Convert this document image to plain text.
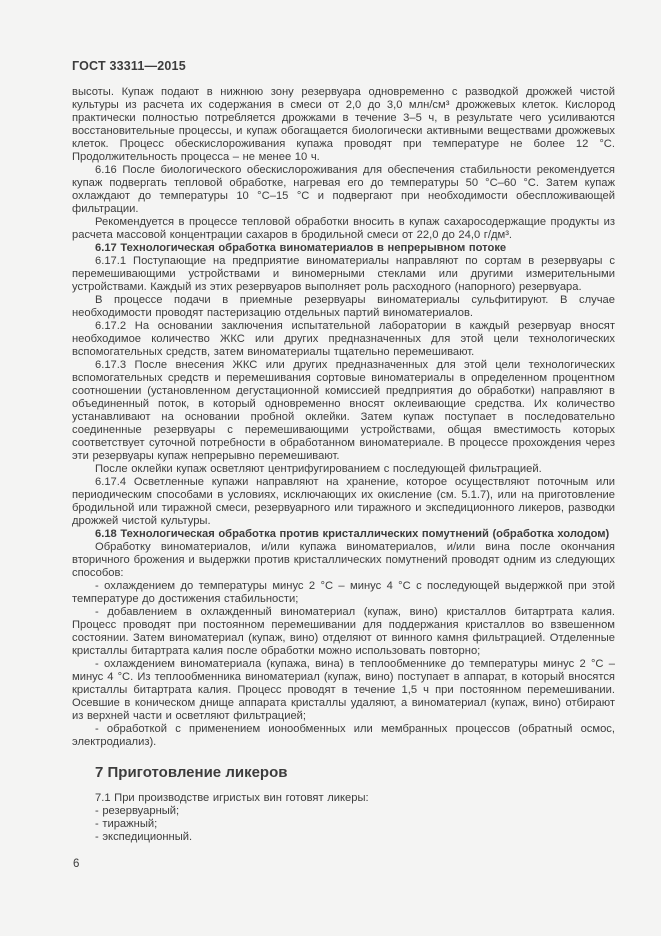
ГОСТ 33311—2015

высоты. Купаж подают в нижнюю зону резервуара одновременно с разводкой дрожжей чистой культуры из расчета их содержания в смеси от 2,0 до 3,0 млн/см³ дрожжевых клеток. Кислород практически полностью потребляется дрожжами в течение 3–5 ч, в результате чего усиливаются восстановительные процессы, и купаж обогащается биологически активными веществами дрожжевых клеток. Процесс обескислороживания купажа проводят при температуре не более 12 °С. Продолжительность процесса – не менее 10 ч.

6.16 После биологического обескислороживания для обеспечения стабильности рекомендуется купаж подвергать тепловой обработке, нагревая его до температуры 50 °С–60 °С. Затем купаж охлаждают до температуры 10 °С–15 °С и подвергают при необходимости обеспложивающей фильтрации.

Рекомендуется в процессе тепловой обработки вносить в купаж сахаросодержащие продукты из расчета массовой концентрации сахаров в бродильной смеси от 22,0 до 24,0 г/дм³.

6.17 Технологическая обработка виноматериалов в непрерывном потоке

6.17.1 Поступающие на предприятие виноматериалы направляют по сортам в резервуары с перемешивающими устройствами и виномерными стеклами или другими измерительными устройствами. Каждый из этих резервуаров выполняет роль расходного (напорного) резервуара.

В процессе подачи в приемные резервуары виноматериалы сульфитируют. В случае необходимости проводят пастеризацию отдельных партий виноматериалов.

6.17.2 На основании заключения испытательной лаборатории в каждый резервуар вносят необходимое количество ЖКС или других предназначенных для этой цели технологических вспомогательных средств, затем виноматериалы тщательно перемешивают.

6.17.3 После внесения ЖКС или других предназначенных для этой цели технологических вспомогательных средств и перемешивания сортовые виноматериалы в определенном процентном соотношении (установленном дегустационной комиссией предприятия до обработки) направляют в объединенный поток, в который одновременно вносят оклеивающие средства. Их количество устанавливают на основании пробной оклейки. Затем купаж поступает в последовательно соединенные резервуары с перемешивающими устройствами, общая вместимость которых соответствует суточной потребности в обработанном виноматериале. В процессе прохождения через эти резервуары купаж непрерывно перемешивают.

После оклейки купаж осветляют центрифугированием с последующей фильтрацией.

6.17.4 Осветленные купажи направляют на хранение, которое осуществляют поточным или периодическим способами в условиях, исключающих их окисление (см. 5.1.7), или на приготовление бродильной или тиражной смеси, резервуарного или тиражного и экспедиционного ликеров, разводки дрожжей чистой культуры.

6.18 Технологическая обработка против кристаллических помутнений (обработка холодом)

Обработку виноматериалов, и/или купажа виноматериалов, и/или вина после окончания вторичного брожения и выдержки против кристаллических помутнений проводят одним из следующих способов:

- охлаждением до температуры минус 2 °С – минус 4 °С с последующей выдержкой при этой температуре до достижения стабильности;

- добавлением в охлажденный виноматериал (купаж, вино) кристаллов битартрата калия. Процесс проводят при постоянном перемешивании для поддержания кристаллов во взвешенном состоянии. Затем виноматериал (купаж, вино) отделяют от винного камня фильтрацией. Отделенные кристаллы битартрата калия после обработки можно использовать повторно;

- охлаждением виноматериала (купажа, вина) в теплообменнике до температуры минус 2 °С – минус 4 °С. Из теплообменника виноматериал (купаж, вино) поступает в аппарат, в который вносятся кристаллы битартрата калия. Процесс проводят в течение 1,5 ч при постоянном перемешивании. Осевшие в коническом днище аппарата кристаллы удаляют, а виноматериал (купаж, вино) отбирают из верхней части и осветляют фильтрацией;

- обработкой с применением ионообменных или мембранных процессов (обратный осмос, электродиализ).

7 Приготовление ликеров

7.1 При производстве игристых вин готовят ликеры:

- резервуарный;

- тиражный;

- экспедиционный.

6
